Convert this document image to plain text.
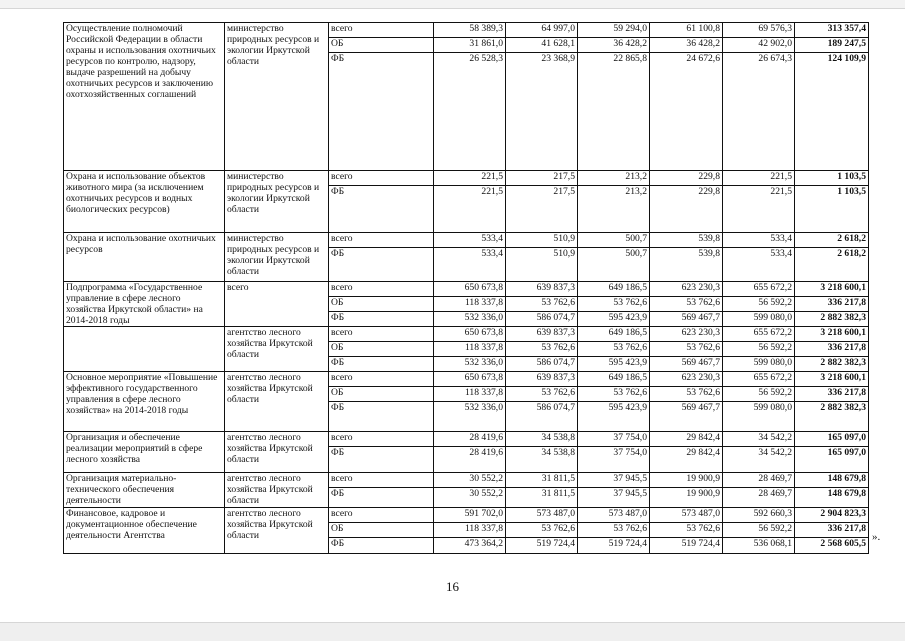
Осуществление полномочий Российской Федерации в области охраны и использования охотничьих ресурсов по контролю, надзору, выдаче разрешений на добычу охотничьих ресурсов и заключению охотхозяйственных соглашений	министерство природных ресурсов и экологии Иркутской области	всего	58 389,3	64 997,0	59 294,0	61 100,8	69 576,3	313 357,4
		ОБ	31 861,0	41 628,1	36 428,2	36 428,2	42 902,0	189 247,5
		ФБ	26 528,3	23 368,9	22 865,8	24 672,6	26 674,3	124 109,9
Охрана и использование объектов животного мира (за исключением охотничьих ресурсов и водных биологических ресурсов)	министерство природных ресурсов и экологии Иркутской области	всего	221,5	217,5	213,2	229,8	221,5	1 103,5
		ФБ	221,5	217,5	213,2	229,8	221,5	1 103,5
Охрана и использование охотничьих ресурсов	министерство природных ресурсов и экологии Иркутской области	всего	533,4	510,9	500,7	539,8	533,4	2 618,2
		ФБ	533,4	510,9	500,7	539,8	533,4	2 618,2
Подпрограмма «Государственное управление в сфере лесного хозяйства Иркутской области» на 2014-2018 годы	всего	всего	650 673,8	639 837,3	649 186,5	623 230,3	655 672,2	3 218 600,1
		ОБ	118 337,8	53 762,6	53 762,6	53 762,6	56 592,2	336 217,8
		ФБ	532 336,0	586 074,7	595 423,9	569 467,7	599 080,0	2 882 382,3
	агентство лесного хозяйства Иркутской области	всего	650 673,8	639 837,3	649 186,5	623 230,3	655 672,2	3 218 600,1
		ОБ	118 337,8	53 762,6	53 762,6	53 762,6	56 592,2	336 217,8
		ФБ	532 336,0	586 074,7	595 423,9	569 467,7	599 080,0	2 882 382,3
Основное мероприятие «Повышение эффективного государственного управления в сфере лесного хозяйства» на 2014-2018 годы	агентство лесного хозяйства Иркутской области	всего	650 673,8	639 837,3	649 186,5	623 230,3	655 672,2	3 218 600,1
		ОБ	118 337,8	53 762,6	53 762,6	53 762,6	56 592,2	336 217,8
		ФБ	532 336,0	586 074,7	595 423,9	569 467,7	599 080,0	2 882 382,3
Организация и обеспечение реализации мероприятий в сфере лесного хозяйства	агентство лесного хозяйства Иркутской области	всего	28 419,6	34 538,8	37 754,0	29 842,4	34 542,2	165 097,0
		ФБ	28 419,6	34 538,8	37 754,0	29 842,4	34 542,2	165 097,0
Организация материально-технического обеспечения деятельности	агентство лесного хозяйства Иркутской области	всего	30 552,2	31 811,5	37 945,5	19 900,9	28 469,7	148 679,8
		ФБ	30 552,2	31 811,5	37 945,5	19 900,9	28 469,7	148 679,8
Финансовое, кадровое и документационное обеспечение деятельности Агентства	агентство лесного хозяйства Иркутской области	всего	591 702,0	573 487,0	573 487,0	573 487,0	592 660,3	2 904 823,3
		ОБ	118 337,8	53 762,6	53 762,6	53 762,6	56 592,2	336 217,8
		ФБ	473 364,2	519 724,4	519 724,4	519 724,4	536 068,1	2 568 605,5
».
16
